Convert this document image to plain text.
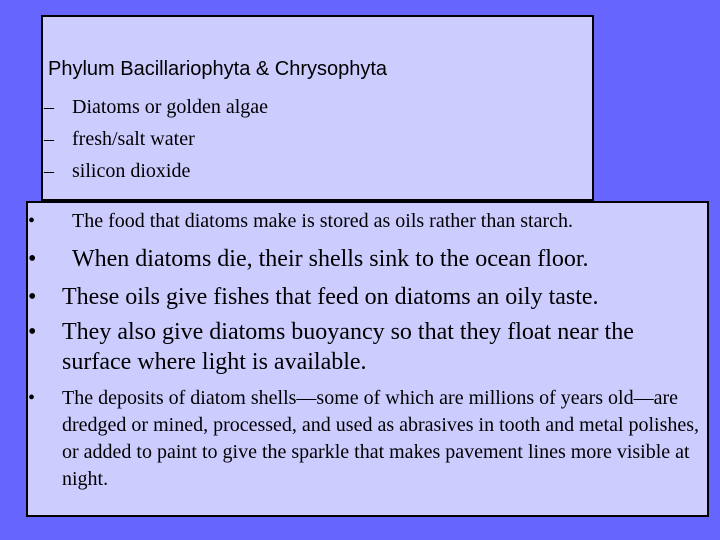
Phylum Bacillariophyta & Chrysophyta
– Diatoms or golden algae
– fresh/salt water
– silicon dioxide
•	The food that diatoms make is stored as oils rather than starch.
•	When diatoms die, their shells sink to the ocean floor.
•	These oils give fishes that feed on diatoms an oily taste.
•	They also give diatoms buoyancy so that they float near the surface where light is available.
•	The deposits of diatom shells—some of which are millions of years old—are dredged or mined, processed, and used as abrasives in tooth and metal polishes, or added to paint to give the sparkle that makes pavement lines more visible at night.
